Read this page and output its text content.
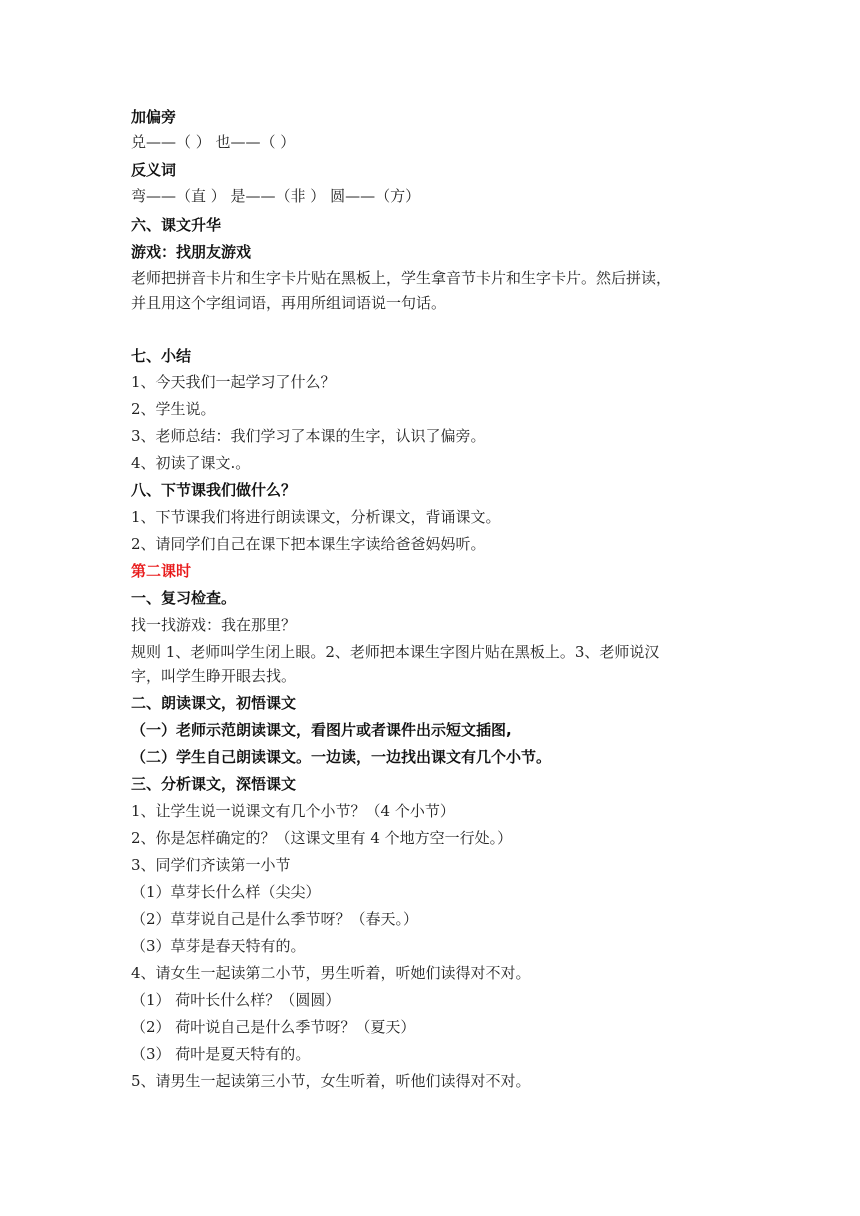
加偏旁
兑——（ ） 也——（ ）
反义词
弯——（直 ） 是——（非 ） 圆——（方）
六、课文升华
游戏：找朋友游戏
老师把拼音卡片和生字卡片贴在黑板上，学生拿音节卡片和生字卡片。然后拼读，
并且用这个字组词语，再用所组词语说一句话。
七、小结
1、今天我们一起学习了什么？
2、学生说。
3、老师总结：我们学习了本课的生字，认识了偏旁。
4、初读了课文.。
八、下节课我们做什么？
1、下节课我们将进行朗读课文，分析课文，背诵课文。
2、请同学们自己在课下把本课生字读给爸爸妈妈听。
第二课时
一、复习检查。
找一找游戏：我在那里？
规则 1、老师叫学生闭上眼。2、老师把本课生字图片贴在黑板上。3、老师说汉
字，叫学生睁开眼去找。
二、朗读课文，初悟课文
（一）老师示范朗读课文，看图片或者课件出示短文插图,
（二）学生自己朗读课文。一边读，一边找出课文有几个小节。
三、分析课文，深悟课文
1、让学生说一说课文有几个小节？（4 个小节）
2、你是怎样确定的？（这课文里有 4 个地方空一行处。）
3、同学们齐读第一小节
（1）草芽长什么样（尖尖）
（2）草芽说自己是什么季节呀？（春天。）
（3）草芽是春天特有的。
4、请女生一起读第二小节，男生听着，听她们读得对不对。
（1） 荷叶长什么样？（圆圆）
（2） 荷叶说自己是什么季节呀？（夏天）
（3） 荷叶是夏天特有的。
5、请男生一起读第三小节，女生听着，听他们读得对不对。
